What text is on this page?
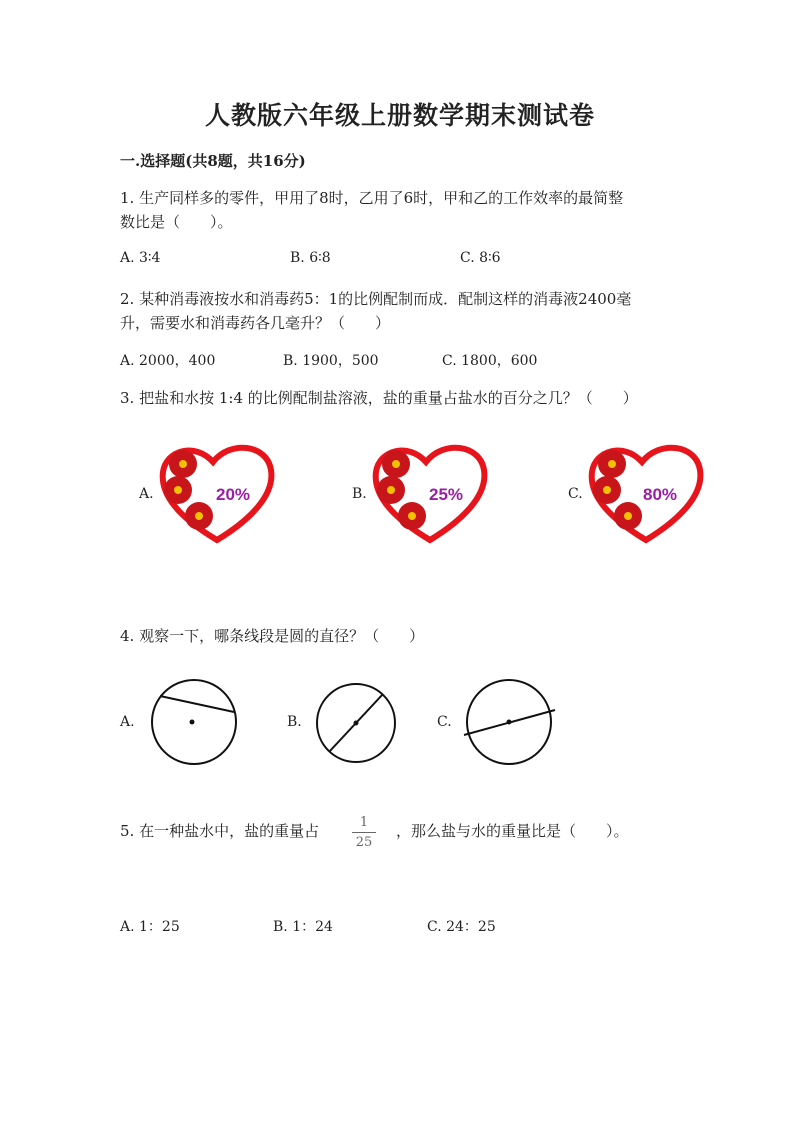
人教版六年级上册数学期末测试卷
一.选择题(共8题，共16分)
1. 生产同样多的零件，甲用了8时，乙用了6时，甲和乙的工作效率的最简整
数比是（　　）。
A. 3∶4	B. 6∶8	C. 8∶6
2. 某种消毒液按水和消毒药5：1的比例配制而成．配制这样的消毒液2400毫
升，需要水和消毒药各几毫升？（　　）
A. 2000，400	B. 1900，500	C. 1800，600
3. 把盐和水按 1:4 的比例配制盐溶液，盐的重量占盐水的百分之几？（　　）
A.	B.	C.
20%	25%	80%
4. 观察一下，哪条线段是圆的直径？（　　）
A.	B.	C.
5. 在一种盐水中，盐的重量占	1
25
，那么盐与水的重量比是（　　）。
A. 1：25	B. 1：24	C. 24：25
